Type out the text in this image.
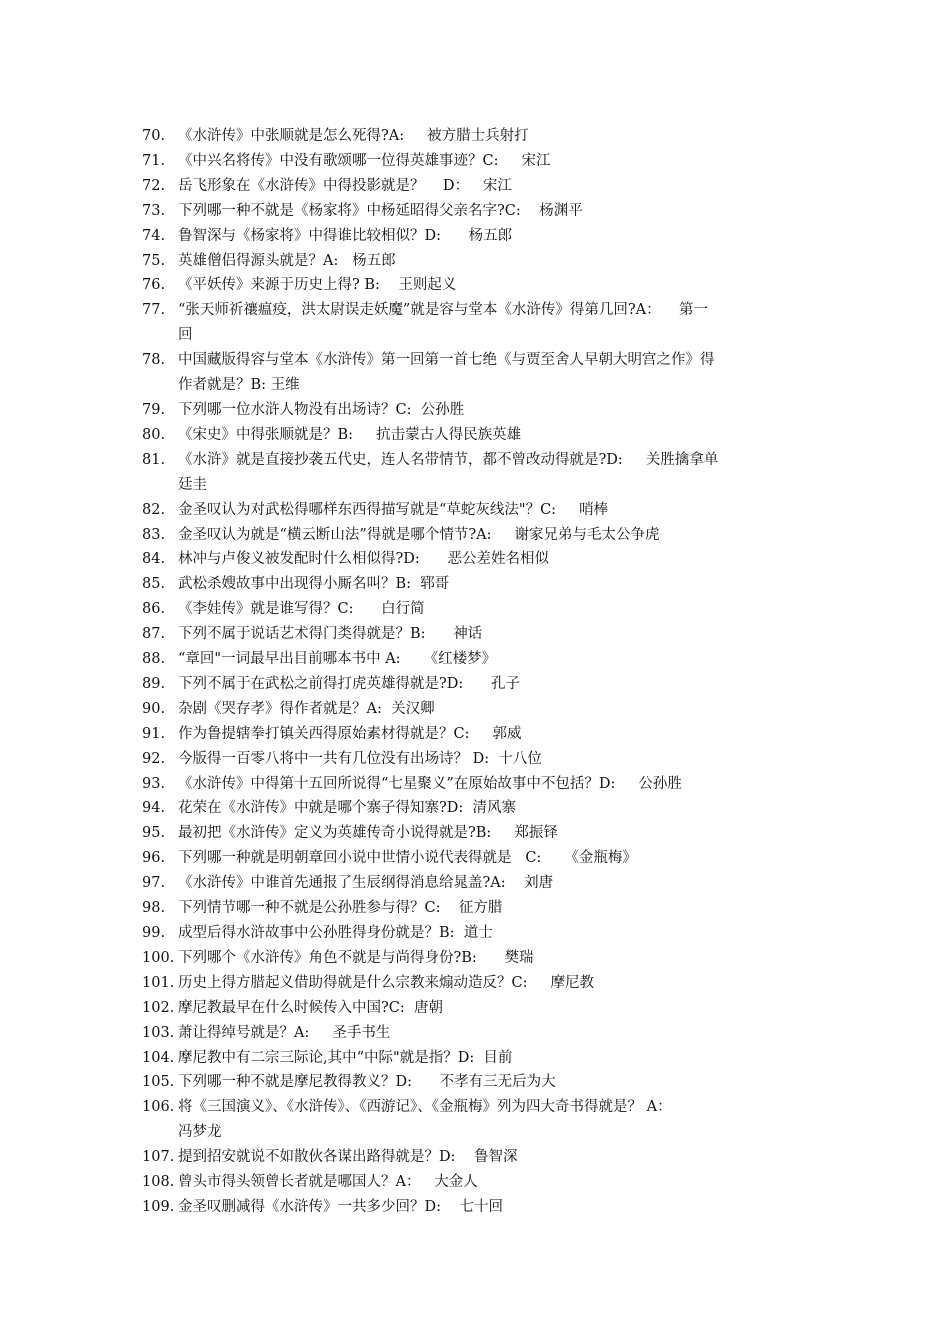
70. 《水浒传》中张顺就是怎么死得?A:     被方腊士兵射打
71. 《中兴名将传》中没有歌颂哪一位得英雄事迹？C:     宋江
72. 岳飞形象在《水浒传》中得投影就是？    D：   宋江
73. 下列哪一种不就是《杨家将》中杨延昭得父亲名字?C:    杨渊平
74. 鲁智深与《杨家将》中得谁比较相似？D:      杨五郎
75. 英雄僧侣得源头就是？A:   杨五郎
76. 《平妖传》来源于历史上得? B:    王则起义
77. “张天师祈禳瘟疫，洪太尉误走妖魔”就是容与堂本《水浒传》得第几回?A：    第一
回
78. 中国藏版得容与堂本《水浒传》第一回第一首七绝《与贾至舍人早朝大明宫之作》得
作者就是？B: 王维
79. 下列哪一位水浒人物没有出场诗？C:  公孙胜
80. 《宋史》中得张顺就是？B:     抗击蒙古人得民族英雄
81. 《水浒》就是直接抄袭五代史，连人名带情节，都不曾改动得就是?D:     关胜擒拿单
廷圭
82. 金圣叹认为对武松得哪样东西得描写就是“草蛇灰线法"？C:     哨棒
83. 金圣叹认为就是“横云断山法”得就是哪个情节?A:     谢家兄弟与毛太公争虎
84. 林冲与卢俊义被发配时什么相似得?D:      恶公差姓名相似
85. 武松杀嫂故事中出现得小厮名叫？B:  郓哥
86. 《李娃传》就是谁写得？C:      白行简
87. 下列不属于说话艺术得门类得就是？B:      神话
88. “章回"一词最早出目前哪本书中 A:     《红楼梦》
89. 下列不属于在武松之前得打虎英雄得就是?D:      孔子
90. 杂剧《哭存孝》得作者就是？A:  关汉卿
91. 作为鲁提辖拳打镇关西得原始素材得就是？C:     郭威
92. 今版得一百零八将中一共有几位没有出场诗？ D:  十八位
93. 《水浒传》中得第十五回所说得“七星聚义”在原始故事中不包括？D:     公孙胜
94. 花荣在《水浒传》中就是哪个寨子得知寨?D:  清风寨
95. 最初把《水浒传》定义为英雄传奇小说得就是?B:     郑振铎
96. 下列哪一种就是明朝章回小说中世情小说代表得就是   C:     《金瓶梅》
97. 《水浒传》中谁首先通报了生辰纲得消息给晁盖?A:    刘唐
98. 下列情节哪一种不就是公孙胜参与得？C:    征方腊
99. 成型后得水浒故事中公孙胜得身份就是？B:  道士
100. 下列哪个《水浒传》角色不就是与尚得身份?B:      樊瑞
101. 历史上得方腊起义借助得就是什么宗教来煽动造反？C:     摩尼教
102. 摩尼教最早在什么时候传入中国?C:  唐朝
103. 萧让得绰号就是？A:     圣手书生
104. 摩尼教中有二宗三际论,其中“中际"就是指？D:  目前
105. 下列哪一种不就是摩尼教得教义？D:      不孝有三无后为大
106. 将《三国演义》、《水浒传》、《西游记》、《金瓶梅》列为四大奇书得就是？ A：
冯梦龙
107. 提到招安就说不如散伙各谋出路得就是？D:    鲁智深
108. 曾头市得头领曾长者就是哪国人？A：   大金人
109. 金圣叹删减得《水浒传》一共多少回？D:    七十回
